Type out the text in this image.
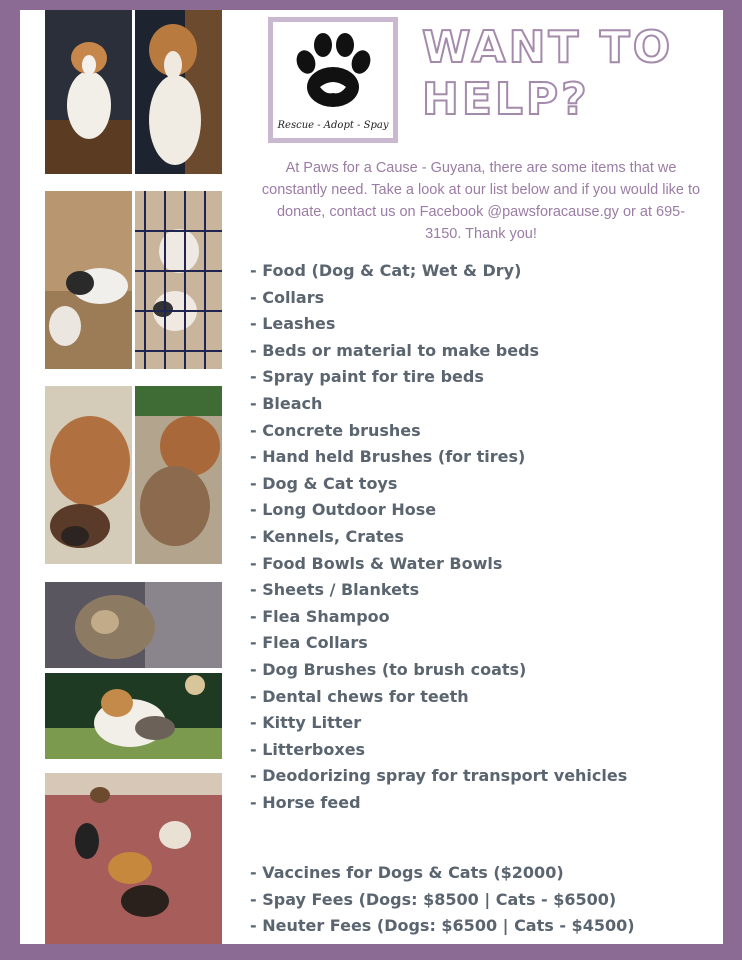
Rescue - Adopt - Spay
WANT TO
HELP?
At Paws for a Cause - Guyana, there are some items that we constantly need. Take a look at our list below and if you would like to donate, contact us on Facebook @pawsforacause.gy or at 695-3150. Thank you!
- Food (Dog & Cat; Wet & Dry)
- Collars
- Leashes
- Beds or material to make beds
- Spray paint for tire beds
- Bleach
- Concrete brushes
- Hand held Brushes (for tires)
- Dog & Cat toys
- Long Outdoor Hose
- Kennels, Crates
- Food Bowls & Water Bowls
- Sheets / Blankets
- Flea Shampoo
- Flea Collars
- Dog Brushes (to brush coats)
- Dental chews for teeth
- Kitty Litter
- Litterboxes
- Deodorizing spray for transport vehicles
- Horse feed
- Vaccines for Dogs & Cats ($2000)
- Spay Fees (Dogs: $8500 | Cats - $6500)
- Neuter Fees (Dogs: $6500 | Cats - $4500)
